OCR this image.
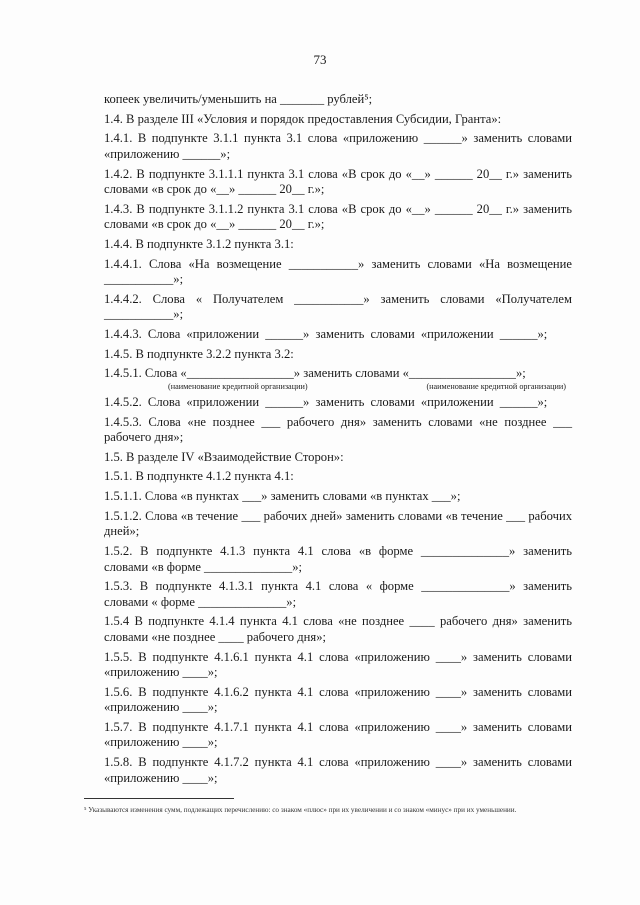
73

копеек увеличить/уменьшить на _______ рублей⁵;

1.4. В разделе III «Условия и порядок предоставления Субсидии, Гранта»:

1.4.1. В подпункте 3.1.1 пункта 3.1 слова «приложению ______» заменить словами «приложению ______»;

1.4.2. В подпункте 3.1.1.1 пункта 3.1 слова «В срок до «__» ______ 20__ г.» заменить словами «в срок до «__» ______ 20__ г.»;

1.4.3. В подпункте 3.1.1.2 пункта 3.1 слова «В срок до «__» ______ 20__ г.» заменить словами «в срок до «__» ______ 20__ г.»;

1.4.4. В подпункте 3.1.2 пункта 3.1:

1.4.4.1. Слова «На возмещение ___________» заменить словами «На возмещение ___________»;

1.4.4.2. Слова « Получателем ___________» заменить словами «Получателем ___________»;

1.4.4.3. Слова «приложении ______» заменить словами «приложении ______»;

1.4.5. В подпункте 3.2.2 пункта 3.2:

1.4.5.1. Слова «_________________» заменить словами «_________________»;

(наименование кредитной организации)	(наименование кредитной организации)

1.4.5.2. Слова «приложении ______» заменить словами «приложении ______»;

1.4.5.3. Слова «не позднее ___ рабочего дня» заменить словами «не позднее ___ рабочего дня»;

1.5. В разделе IV «Взаимодействие Сторон»:

1.5.1. В подпункте 4.1.2 пункта 4.1:

1.5.1.1. Слова «в пунктах ___» заменить словами «в пунктах ___»;

1.5.1.2. Слова «в течение ___ рабочих дней» заменить словами «в течение ___ рабочих дней»;

1.5.2. В подпункте 4.1.3 пункта 4.1 слова «в форме ______________» заменить словами «в форме ______________»;

1.5.3. В подпункте 4.1.3.1 пункта 4.1 слова « форме ______________» заменить словами « форме ______________»;

1.5.4 В подпункте 4.1.4 пункта 4.1 слова «не позднее ____ рабочего дня» заменить словами «не позднее ____ рабочего дня»;

1.5.5. В подпункте 4.1.6.1 пункта 4.1 слова «приложению ____» заменить словами «приложению ____»;

1.5.6. В подпункте 4.1.6.2 пункта 4.1 слова «приложению ____» заменить словами «приложению ____»;

1.5.7. В подпункте 4.1.7.1 пункта 4.1 слова «приложению ____» заменить словами «приложению ____»;

1.5.8. В подпункте 4.1.7.2 пункта 4.1 слова «приложению ____» заменить словами «приложению ____»;

⁵ Указываются изменения сумм, подлежащих перечислению: со знаком «плюс» при их увеличении и со знаком «минус» при их уменьшении.
